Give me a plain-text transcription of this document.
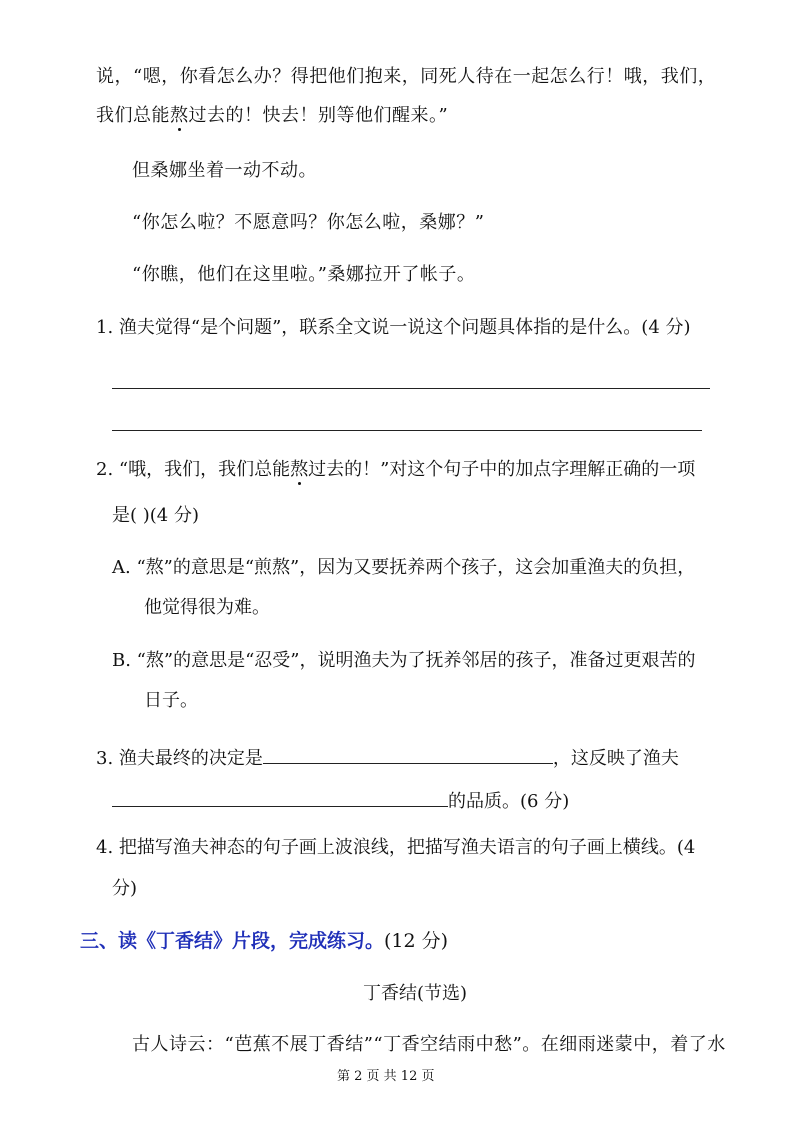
说，“嗯，你看怎么办？得把他们抱来，同死人待在一起怎么行！哦，我们，
我们总能熬过去的！快去！别等他们醒来。”
但桑娜坐着一动不动。
“你怎么啦？不愿意吗？你怎么啦，桑娜？”
“你瞧，他们在这里啦。”桑娜拉开了帐子。
1. 渔夫觉得“是个问题”，联系全文说一说这个问题具体指的是什么。(4 分)
2. “哦，我们，我们总能熬过去的！”对这个句子中的加点字理解正确的一项
是( )(4 分)
A. “熬”的意思是“煎熬”，因为又要抚养两个孩子，这会加重渔夫的负担，
他觉得很为难。
B. “熬”的意思是“忍受”，说明渔夫为了抚养邻居的孩子，准备过更艰苦的
日子。
3. 渔夫最终的决定是	，这反映了渔夫
的品质。(6 分)
4. 把描写渔夫神态的句子画上波浪线，把描写渔夫语言的句子画上横线。(4
分)
三、读《丁香结》片段，完成练习。(12 分)
丁香结(节选)
古人诗云：“芭蕉不展丁香结”“丁香空结雨中愁”。在细雨迷蒙中，着了水
第 2 页 共 12 页
